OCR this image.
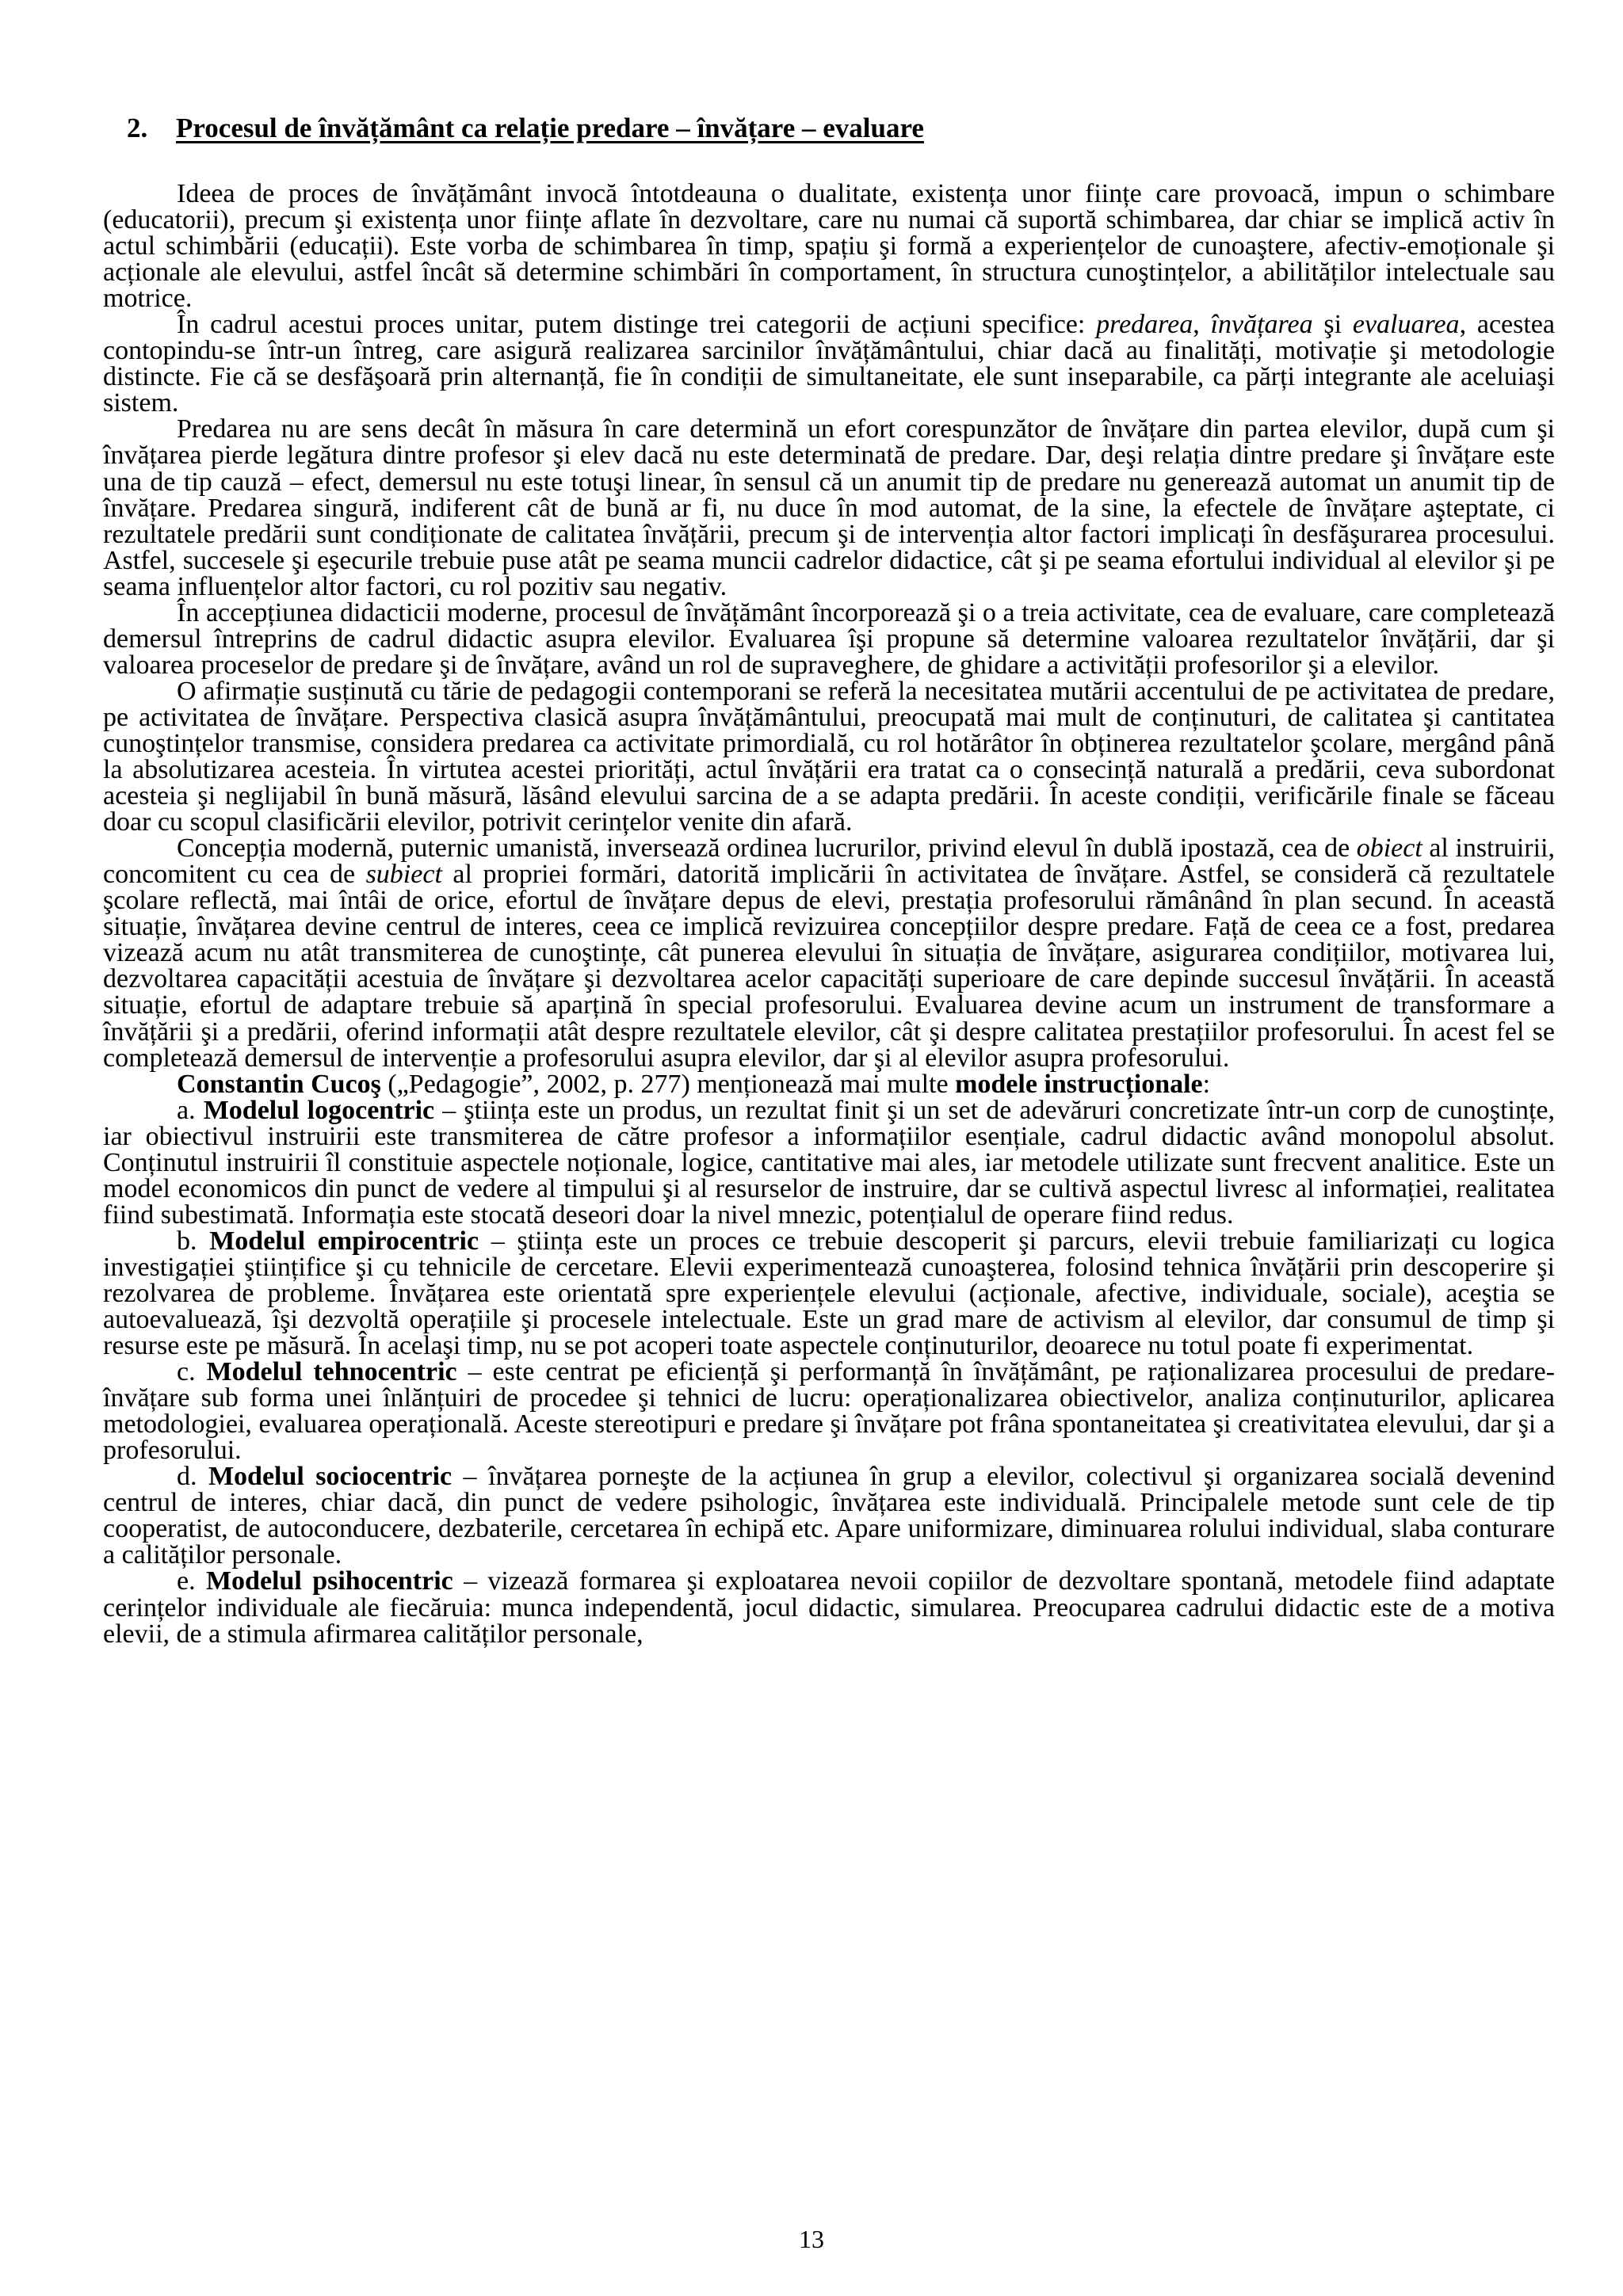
2. Procesul de învățământ ca relație predare – învățare – evaluare

Ideea de proces de învățământ invocă întotdeauna o dualitate, existența unor ființe care provoacă, impun o schimbare (educatorii), precum şi existența unor ființe aflate în dezvoltare, care nu numai că suportă schimbarea, dar chiar se implică activ în actul schimbării (educații). Este vorba de schimbarea în timp, spațiu şi formă a experiențelor de cunoaştere, afectiv-emoționale şi acționale ale elevului, astfel încât să determine schimbări în comportament, în structura cunoştințelor, a abilităților intelectuale sau motrice.

În cadrul acestui proces unitar, putem distinge trei categorii de acțiuni specifice: predarea, învățarea şi evaluarea, acestea contopindu-se într-un întreg, care asigură realizarea sarcinilor învățământului, chiar dacă au finalități, motivație şi metodologie distincte. Fie că se desfăşoară prin alternanță, fie în condiții de simultaneitate, ele sunt inseparabile, ca părți integrante ale aceluiaşi sistem.

Predarea nu are sens decât în măsura în care determină un efort corespunzător de învățare din partea elevilor, după cum şi învățarea pierde legătura dintre profesor şi elev dacă nu este determinată de predare. Dar, deşi relația dintre predare şi învățare este una de tip cauză – efect, demersul nu este totuşi linear, în sensul că un anumit tip de predare nu generează automat un anumit tip de învățare. Predarea singură, indiferent cât de bună ar fi, nu duce în mod automat, de la sine, la efectele de învățare aşteptate, ci rezultatele predării sunt condiționate de calitatea învățării, precum şi de intervenția altor factori implicați în desfăşurarea procesului. Astfel, succesele şi eşecurile trebuie puse atât pe seama muncii cadrelor didactice, cât şi pe seama efortului individual al elevilor şi pe seama influențelor altor factori, cu rol pozitiv sau negativ.

În accepțiunea didacticii moderne, procesul de învățământ încorporează şi o a treia activitate, cea de evaluare, care completează demersul întreprins de cadrul didactic asupra elevilor. Evaluarea îşi propune să determine valoarea rezultatelor învățării, dar şi valoarea proceselor de predare şi de învățare, având un rol de supraveghere, de ghidare a activității profesorilor şi a elevilor.

O afirmație susținută cu tărie de pedagogii contemporani se referă la necesitatea mutării accentului de pe activitatea de predare, pe activitatea de învățare. Perspectiva clasică asupra învățământului, preocupată mai mult de conținuturi, de calitatea şi cantitatea cunoştințelor transmise, considera predarea ca activitate primordială, cu rol hotărâtor în obținerea rezultatelor şcolare, mergând până la absolutizarea acesteia. În virtutea acestei priorități, actul învățării era tratat ca o consecință naturală a predării, ceva subordonat acesteia şi neglijabil în bună măsură, lăsând elevului sarcina de a se adapta predării. În aceste condiții, verificările finale se făceau doar cu scopul clasificării elevilor, potrivit cerințelor venite din afară.

Concepția modernă, puternic umanistă, inversează ordinea lucrurilor, privind elevul în dublă ipostază, cea de obiect al instruirii, concomitent cu cea de subiect al propriei formări, datorită implicării în activitatea de învățare. Astfel, se consideră că rezultatele şcolare reflectă, mai întâi de orice, efortul de învățare depus de elevi, prestația profesorului rămânând în plan secund. În această situație, învățarea devine centrul de interes, ceea ce implică revizuirea concepțiilor despre predare. Față de ceea ce a fost, predarea vizează acum nu atât transmiterea de cunoştințe, cât punerea elevului în situația de învățare, asigurarea condițiilor, motivarea lui, dezvoltarea capacității acestuia de învățare şi dezvoltarea acelor capacități superioare de care depinde succesul învățării. În această situație, efortul de adaptare trebuie să aparțină în special profesorului. Evaluarea devine acum un instrument de transformare a învățării şi a predării, oferind informații atât despre rezultatele elevilor, cât şi despre calitatea prestațiilor profesorului. În acest fel se completează demersul de intervenție a profesorului asupra elevilor, dar şi al elevilor asupra profesorului.

Constantin Cucoş („Pedagogie”, 2002, p. 277) menționează mai multe modele instrucționale:

a. Modelul logocentric – ştiința este un produs, un rezultat finit şi un set de adevăruri concretizate într-un corp de cunoştințe, iar obiectivul instruirii este transmiterea de către profesor a informațiilor esențiale, cadrul didactic având monopolul absolut. Conținutul instruirii îl constituie aspectele noționale, logice, cantitative mai ales, iar metodele utilizate sunt frecvent analitice. Este un model economicos din punct de vedere al timpului şi al resurselor de instruire, dar se cultivă aspectul livresc al informației, realitatea fiind subestimată. Informația este stocată deseori doar la nivel mnezic, potențialul de operare fiind redus.

b. Modelul empirocentric – ştiința este un proces ce trebuie descoperit şi parcurs, elevii trebuie familiarizați cu logica investigației ştiințifice şi cu tehnicile de cercetare. Elevii experimentează cunoaşterea, folosind tehnica învățării prin descoperire şi rezolvarea de probleme. Învățarea este orientată spre experiențele elevului (acționale, afective, individuale, sociale), aceştia se autoevaluează, îşi dezvoltă operațiile şi procesele intelectuale. Este un grad mare de activism al elevilor, dar consumul de timp şi resurse este pe măsură. În acelaşi timp, nu se pot acoperi toate aspectele conținuturilor, deoarece nu totul poate fi experimentat.

c. Modelul tehnocentric – este centrat pe eficiență şi performanță în învățământ, pe raționalizarea procesului de predare-învățare sub forma unei înlănțuiri de procedee şi tehnici de lucru: operaționalizarea obiectivelor, analiza conținuturilor, aplicarea metodologiei, evaluarea operațională. Aceste stereotipuri e predare şi învățare pot frâna spontaneitatea şi creativitatea elevului, dar şi a profesorului.

d. Modelul sociocentric – învățarea porneşte de la acțiunea în grup a elevilor, colectivul şi organizarea socială devenind centrul de interes, chiar dacă, din punct de vedere psihologic, învățarea este individuală. Principalele metode sunt cele de tip cooperatist, de autoconducere, dezbaterile, cercetarea în echipă etc. Apare uniformizare, diminuarea rolului individual, slaba conturare a calităților personale.

e. Modelul psihocentric – vizează formarea şi exploatarea nevoii copiilor de dezvoltare spontană, metodele fiind adaptate cerințelor individuale ale fiecăruia: munca independentă, jocul didactic, simularea. Preocuparea cadrului didactic este de a motiva elevii, de a stimula afirmarea calităților personale,

13
